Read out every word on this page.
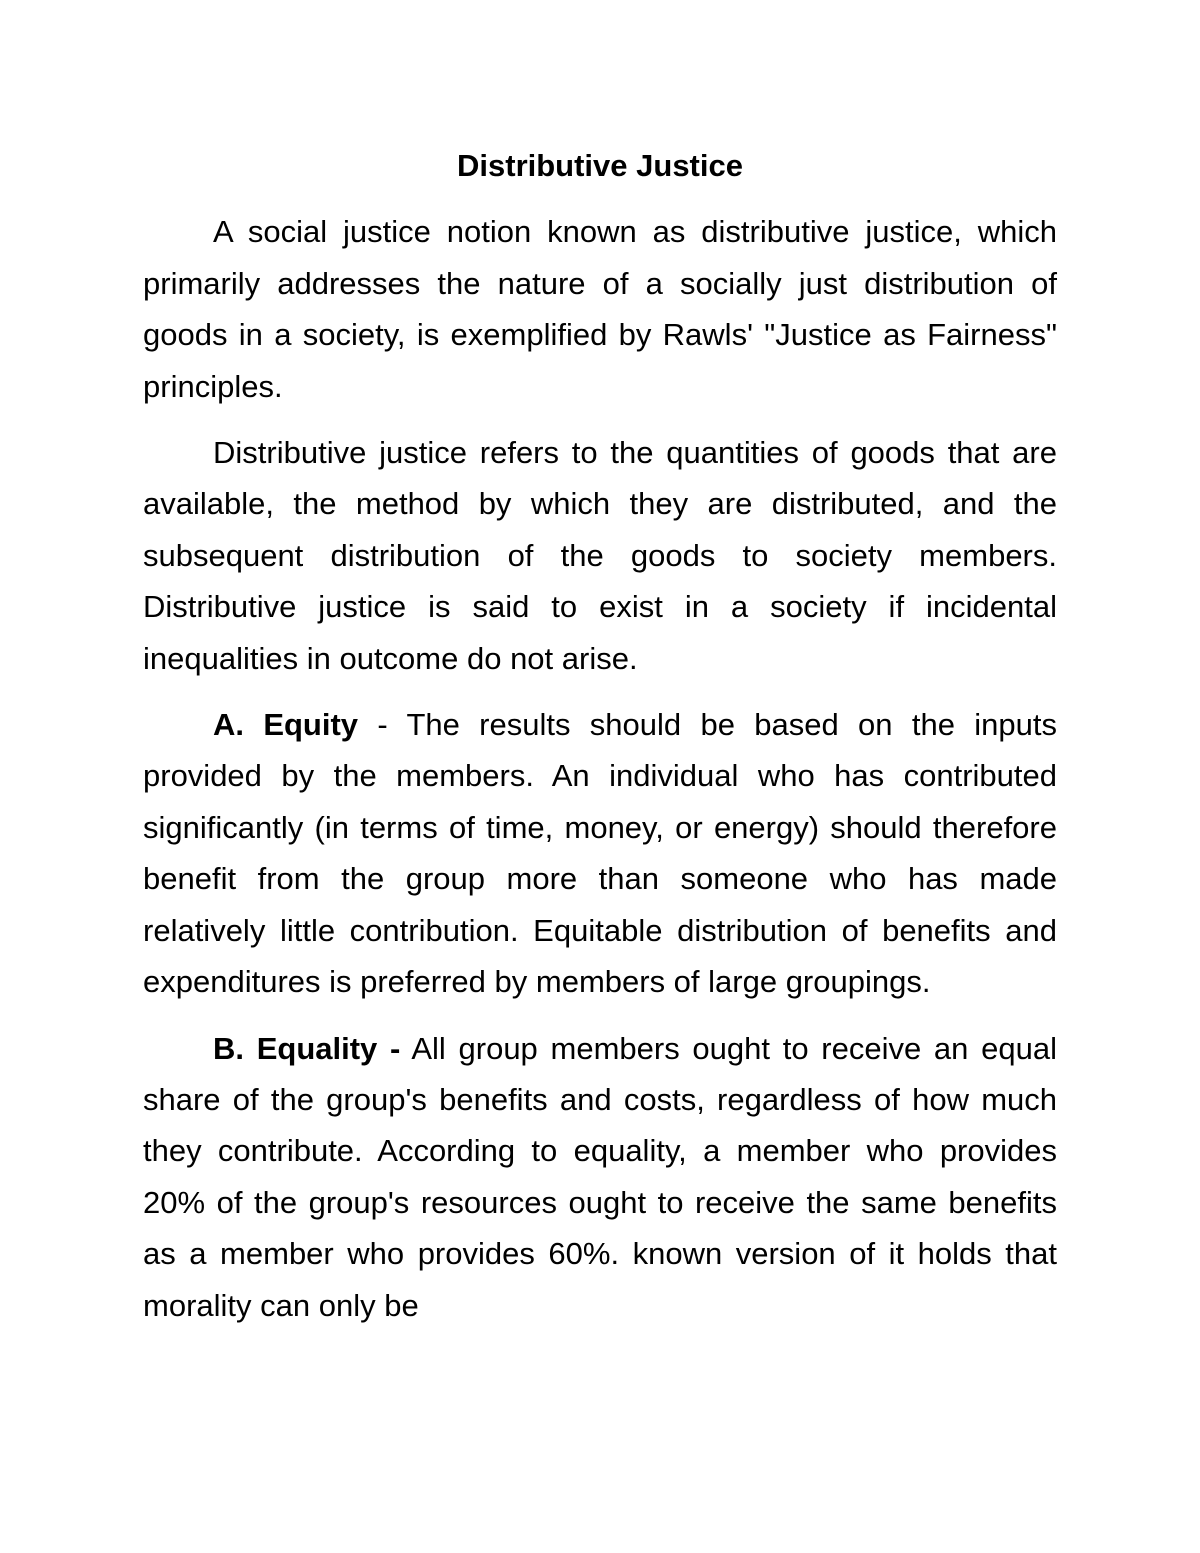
Distributive Justice

A social justice notion known as distributive justice, which primarily addresses the nature of a socially just distribution of goods in a society, is exemplified by Rawls' "Justice as Fairness" principles.

Distributive justice refers to the quantities of goods that are available, the method by which they are distributed, and the subsequent distribution of the goods to society members. Distributive justice is said to exist in a society if incidental inequalities in outcome do not arise.

A. Equity - The results should be based on the inputs provided by the members. An individual who has contributed significantly (in terms of time, money, or energy) should therefore benefit from the group more than someone who has made relatively little contribution. Equitable distribution of benefits and expenditures is preferred by members of large groupings.

B. Equality - All group members ought to receive an equal share of the group's benefits and costs, regardless of how much they contribute. According to equality, a member who provides 20% of the group's resources ought to receive the same benefits as a member who provides 60%. known version of it holds that morality can only be
